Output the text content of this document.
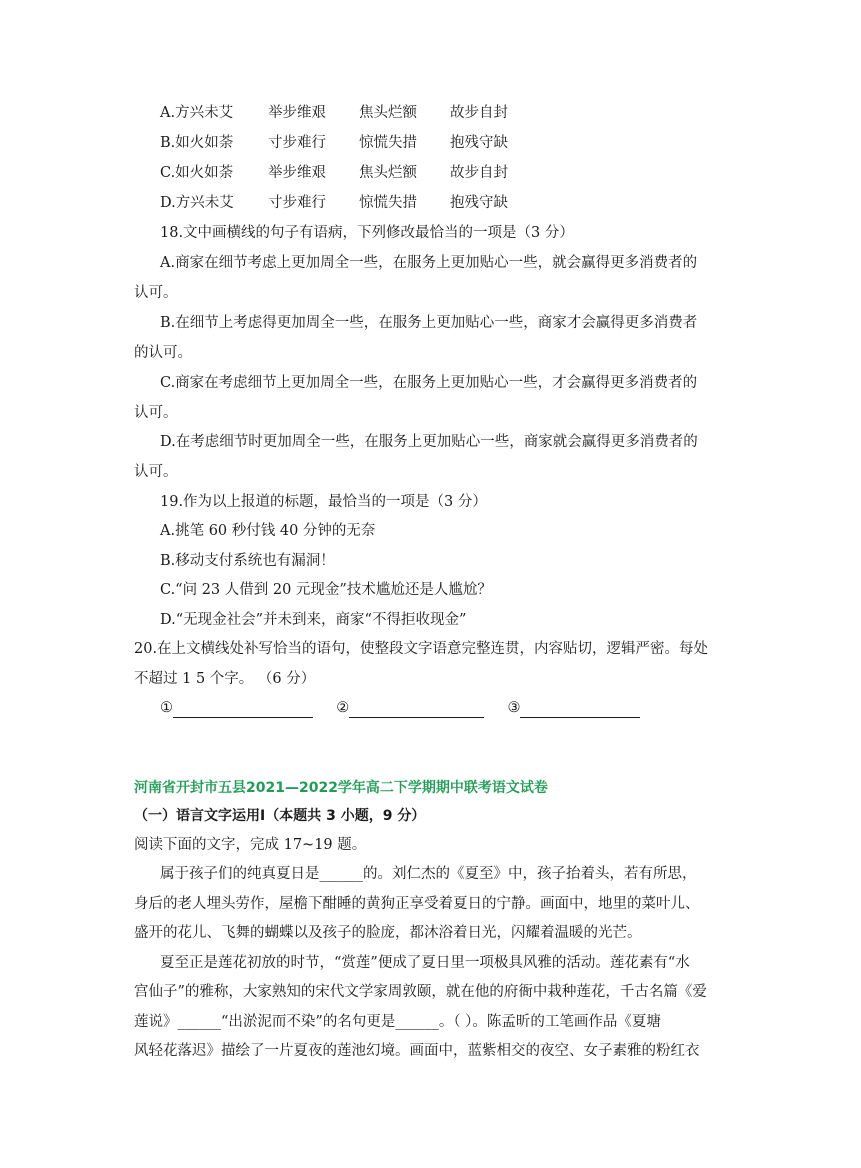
A.方兴未艾 举步维艰 焦头烂额 故步自封
B.如火如荼 寸步难行 惊慌失措 抱残守缺
C.如火如荼 举步维艰 焦头烂额 故步自封
D.方兴未艾 寸步难行 惊慌失措 抱残守缺
18.文中画横线的句子有语病，下列修改最恰当的一项是（3 分）
A.商家在细节考虑上更加周全一些，在服务上更加贴心一些，就会赢得更多消费者的
认可。
B.在细节上考虑得更加周全一些，在服务上更加贴心一些，商家才会赢得更多消费者
的认可。
C.商家在考虑细节上更加周全一些，在服务上更加贴心一些，才会赢得更多消费者的
认可。
D.在考虑细节时更加周全一些，在服务上更加贴心一些，商家就会赢得更多消费者的
认可。
19.作为以上报道的标题，最恰当的一项是（3 分）
A.挑笔 60 秒付钱 40 分钟的无奈
B.移动支付系统也有漏洞！
C.“问 23 人借到 20 元现金”技术尴尬还是人尴尬？
D.“无现金社会”并未到来，商家“不得拒收现金”
20.在上文横线处补写恰当的语句，使整段文字语意完整连贯，内容贴切，逻辑严密。每处
不超过 1 5 个字。 （6 分）
①	②	③
河南省开封市五县2021—2022学年高二下学期期中联考语文试卷
（一）语言文字运用Ⅰ（本题共 3 小题，9 分）
阅读下面的文字，完成 17~19 题。
属于孩子们的纯真夏日是______的。刘仁杰的《夏至》中，孩子抬着头，若有所思，
身后的老人埋头劳作，屋檐下酣睡的黄狗正享受着夏日的宁静。画面中，地里的菜叶儿、
盛开的花儿、飞舞的蝴蝶以及孩子的脸庞，都沐浴着日光，闪耀着温暖的光芒。
夏至正是莲花初放的时节，“赏莲”便成了夏日里一项极具风雅的活动。莲花素有“水
宫仙子”的雅称，大家熟知的宋代文学家周敦颐，就在他的府衙中栽种莲花，千古名篇《爱
莲说》______“出淤泥而不染”的名句更是______。（ ）。陈孟昕的工笔画作品《夏塘
风轻花落迟》描绘了一片夏夜的莲池幻境。画面中，蓝紫相交的夜空、女子素雅的粉红衣
